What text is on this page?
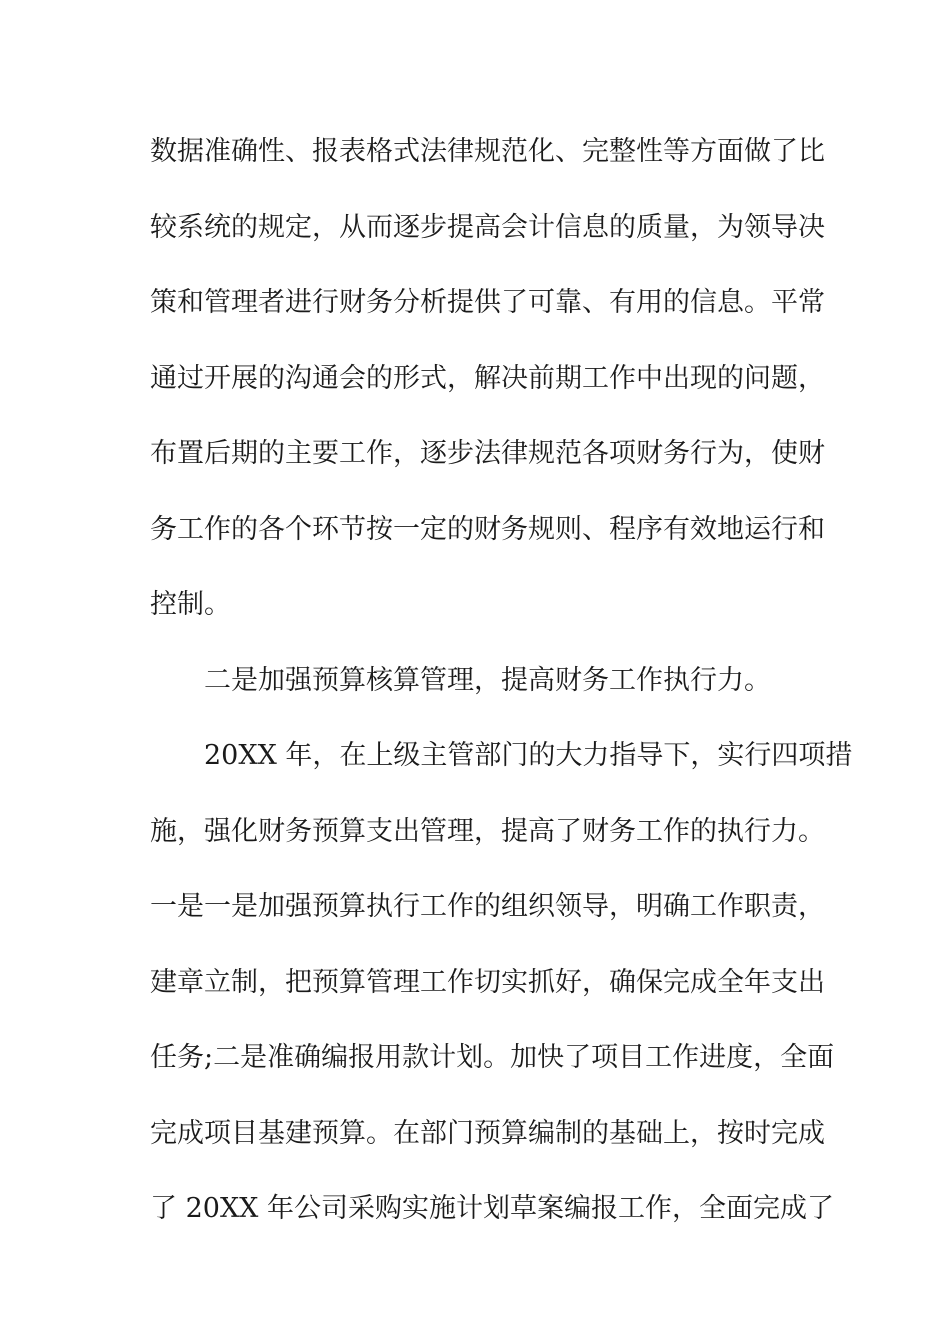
数据准确性、报表格式法律规范化、完整性等方面做了比
较系统的规定，从而逐步提高会计信息的质量，为领导决
策和管理者进行财务分析提供了可靠、有用的信息。平常
通过开展的沟通会的形式，解决前期工作中出现的问题，
布置后期的主要工作，逐步法律规范各项财务行为，使财
务工作的各个环节按一定的财务规则、程序有效地运行和
控制。
二是加强预算核算管理，提高财务工作执行力。
20XX 年，在上级主管部门的大力指导下，实行四项措
施，强化财务预算支出管理，提高了财务工作的执行力。
一是一是加强预算执行工作的组织领导，明确工作职责，
建章立制，把预算管理工作切实抓好，确保完成全年支出
任务;二是准确编报用款计划。加快了项目工作进度，全面
完成项目基建预算。在部门预算编制的基础上，按时完成
了 20XX 年公司采购实施计划草案编报工作，全面完成了
